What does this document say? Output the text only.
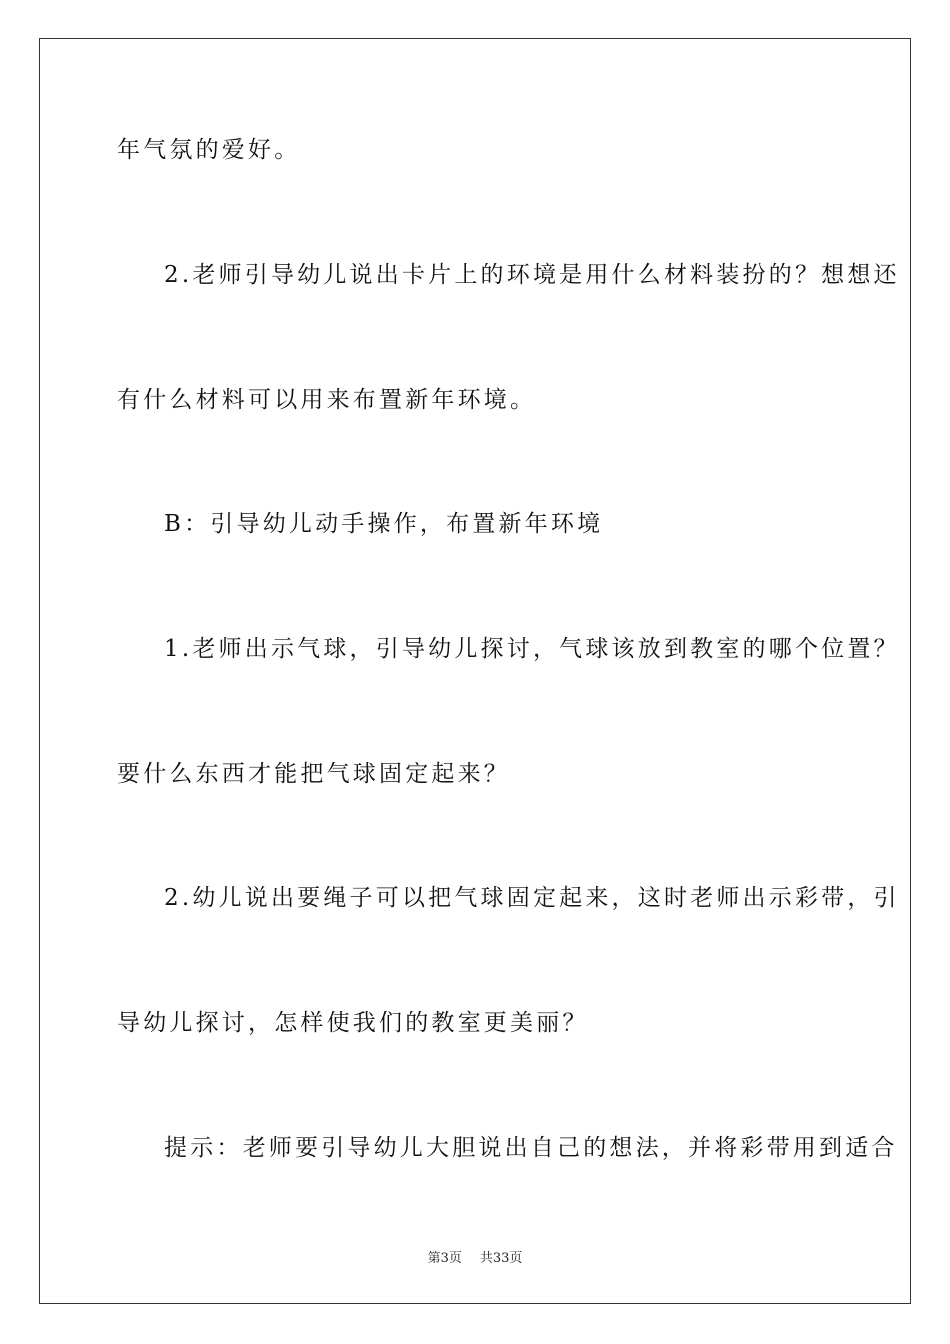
年气氛的爱好。
2.老师引导幼儿说出卡片上的环境是用什么材料装扮的？想想还
有什么材料可以用来布置新年环境。
B：引导幼儿动手操作，布置新年环境
1.老师出示气球，引导幼儿探讨，气球该放到教室的哪个位置？
要什么东西才能把气球固定起来？
2.幼儿说出要绳子可以把气球固定起来，这时老师出示彩带，引
导幼儿探讨，怎样使我们的教室更美丽？
提示：老师要引导幼儿大胆说出自己的想法，并将彩带用到适合
第3页 共33页
